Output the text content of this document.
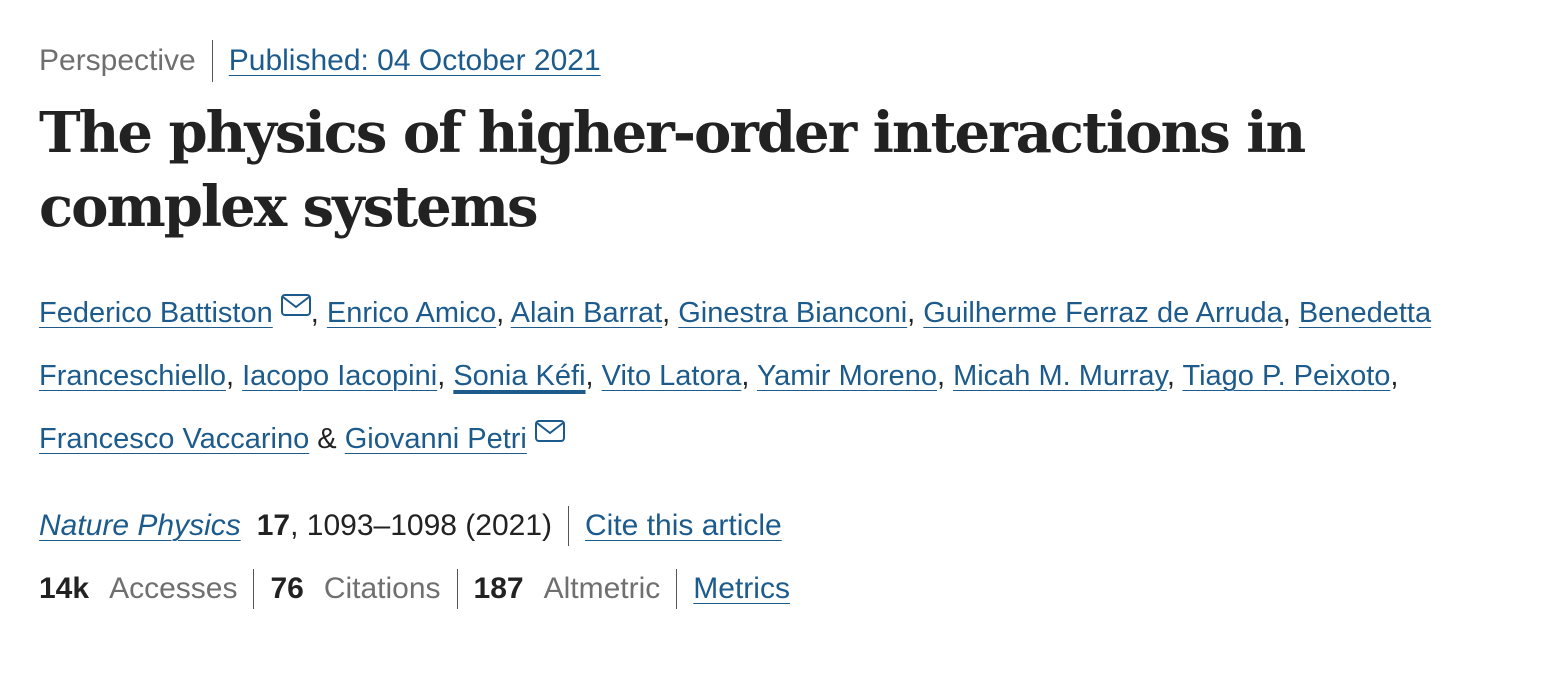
Perspective Published: 04 October 2021
The physics of higher-order interactions in complex systems
Federico Battiston , Enrico Amico, Alain Barrat, Ginestra Bianconi, Guilherme Ferraz de Arruda, Benedetta Franceschiello, Iacopo Iacopini, Sonia Kéfi, Vito Latora, Yamir Moreno, Micah M. Murray, Tiago P. Peixoto, Francesco Vaccarino & Giovanni Petri
Nature Physics 17 , 1093–1098 (2021) Cite this article
14k Accesses 76 Citations 187 Altmetric Metrics
